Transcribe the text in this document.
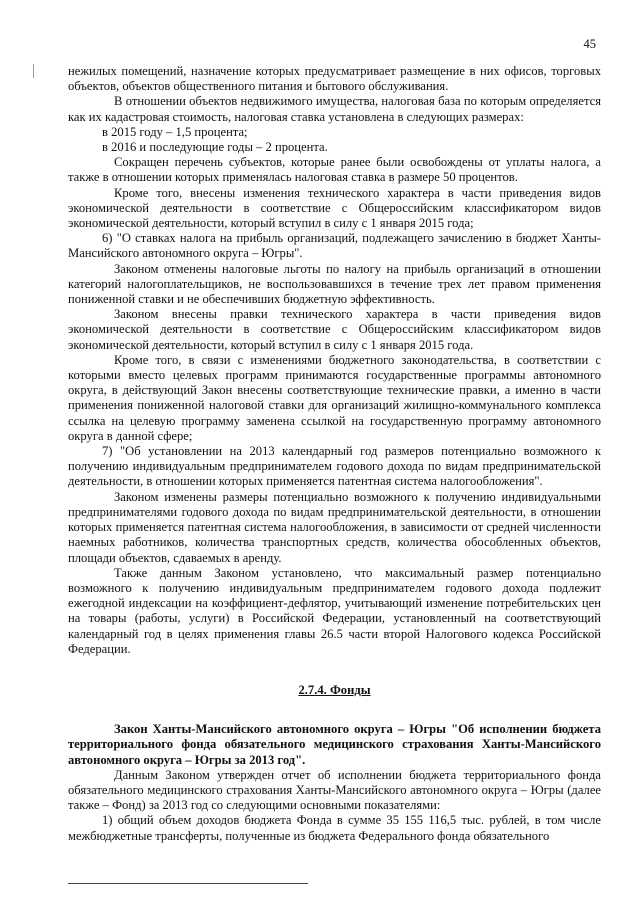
45

нежилых помещений, назначение которых предусматривает размещение в них офисов, торговых объектов, объектов общественного питания и бытового обслуживания.

В отношении объектов недвижимого имущества, налоговая база по которым определяется как их кадастровая стоимость, налоговая ставка установлена в следующих размерах:

в 2015 году – 1,5 процента;

в 2016 и последующие годы – 2 процента.

Сокращен перечень субъектов, которые ранее были освобождены от уплаты налога, а также в отношении которых применялась налоговая ставка в размере 50 процентов.

Кроме того, внесены изменения технического характера в части приведения видов экономической деятельности в соответствие с Общероссийским классификатором видов экономической деятельности, который вступил в силу с 1 января 2015 года;

6) "О ставках налога на прибыль организаций, подлежащего зачислению в бюджет Ханты-Мансийского автономного округа – Югры".

Законом отменены налоговые льготы по налогу на прибыль организаций в отношении категорий налогоплательщиков, не воспользовавшихся в течение трех лет правом применения пониженной ставки и не обеспечивших бюджетную эффективность.

Законом внесены правки технического характера в части приведения видов экономической деятельности в соответствие с Общероссийским классификатором видов экономической деятельности, который вступил в силу с 1 января 2015 года.

Кроме того, в связи с изменениями бюджетного законодательства, в соответствии с которыми вместо целевых программ принимаются государственные программы автономного округа, в действующий Закон внесены соответствующие технические правки, а именно в части применения пониженной налоговой ставки для организаций жилищно-коммунального комплекса ссылка на целевую программу заменена ссылкой на государственную программу автономного округа в данной сфере;

7) "Об установлении на 2013 календарный год размеров потенциально возможного к получению индивидуальным предпринимателем годового дохода по видам предпринимательской деятельности, в отношении которых применяется патентная система налогообложения".

Законом изменены размеры потенциально возможного к получению индивидуальными предпринимателями годового дохода по видам предпринимательской деятельности, в отношении которых применяется патентная система налогообложения, в зависимости от средней численности наемных работников, количества транспортных средств, количества обособленных объектов, площади объектов, сдаваемых в аренду.

Также данным Законом установлено, что максимальный размер потенциально возможного к получению индивидуальным предпринимателем годового дохода подлежит ежегодной индексации на коэффициент-дефлятор, учитывающий изменение потребительских цен на товары (работы, услуги) в Российской Федерации, установленный на соответствующий календарный год в целях применения главы 26.5 части второй Налогового кодекса Российской Федерации.

2.7.4. Фонды

Закон Ханты-Мансийского автономного округа – Югры "Об исполнении бюджета территориального фонда обязательного медицинского страхования Ханты-Мансийского автономного округа – Югры за 2013 год".

Данным Законом утвержден отчет об исполнении бюджета территориального фонда обязательного медицинского страхования Ханты-Мансийского автономного округа – Югры (далее также – Фонд) за 2013 год со следующими основными показателями:

1) общий объем доходов бюджета Фонда в сумме 35 155 116,5 тыс. рублей, в том числе межбюджетные трансферты, полученные из бюджета Федерального фонда обязательного
